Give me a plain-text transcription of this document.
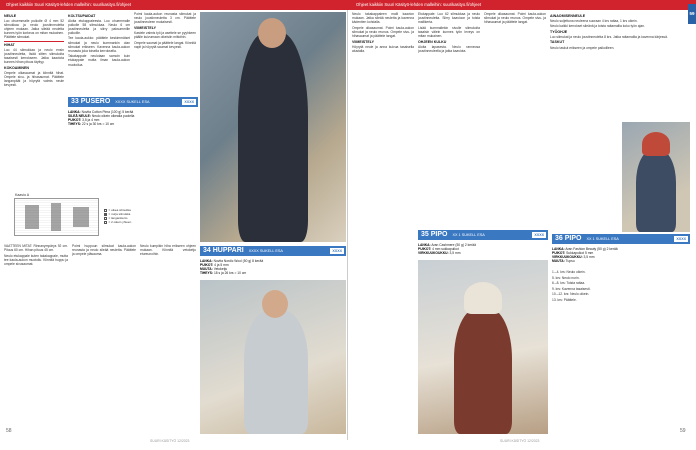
Ohjeet kaikkiin Suuri Käsityö-lehden malleihin: suurikasityo.fi/ohjeet	Ohjeet kaikkiin Suuri Käsityö-lehden malleihin: suurikasityo.fi/ohjeet
NEULE

Luo ohuemmalle puikolle Ø 4 mm 52 silmukkaa ja neulo joustinneuletta ohjeen mukaan. Jatka sileää neuletta kunnes työn korkeus on mitan mukainen. Päättele silmukat.

HIHAT

Luo 44 silmukkaa ja neulo ensin joustinneuletta, lisää sitten silmukoita tasaisesti kerrokseen. Jatka kaaviota kunnes hihan pituus täyttyy.

KOKOAMINEN

Ompele olkasaumat ja kiinnitä hihat. Ompele sivu- ja hihasaumat. Päättele langanpäät ja höyrytä valmis neule kevyesti.

KOLTSUPAIDAT

Aloita etukappaleesta. Luo ohuemmalle puikolle 58 silmukkaa. Neulo 6 cm joustinneuletta ja siirry paksummille puikoille.

Tee kaula-aukko: päättele keskimmäiset silmukat ja neulo kummankin olan silmukat erikseen. Kavenna kaula-aukon reunasta joka toisella kerroksella.

Takakappale neulotaan samoin kuin etukappale mutta ilman kaula-aukon muotoilua.

Poimi kaula-aukon reunasta silmukat ja neulo joustinneuletta 3 cm. Päättele joustinneuleen mukaisesti.

VIIMEISTELY

Kastele valmis työ ja asettele se pyyhkeen päälle kuivumaan oikeisiin mittoihin.

Ompele saumat ja päättele langat. Kiinnitä napit ja höyrytä saumat kevyesti.

33 PUSERO XXXX SUKELL ESA	XXXX
LANKA: Novita Cotton Pima (100 g) 5 kerää
SILEÄ NEULE: Neulo oikein oikealla puolella
PUIKOT: 3,5 ja 4 mm
TIHEYS: 22 s ja 30 krs = 10 cm
Kaavio A
= oikea silmukka
= nurja silmukka
= langankierto
= 2 oikein yhteen

VAATTEEN MITAT: Rinnanympärys 92 cm. Pituus 60 cm. Hihan pituus 45 cm.

Neulo etukappale kuten takakappale, mutta tee kaula-aukon muotoilu. Kiinnitä huppu ja ompele sivusaumat.

Poimi huppuun silmukat kaula-aukon reunasta ja neulo sileää neuletta. Päättele ja ompele yläsauma.

Neulo kumpikin hiha erikseen ohjeen mukaan. Kiinnitä vetoketju etureunoihin.

34 HUPPARI XXXX SUKELL ESA	XXXX
LANKA: Novita Nordic Wool (50 g) 8 kerää
PUIKOT: 4 ja 5 mm
MUUTA: Vetoketju
TIHEYS: 18 s ja 26 krs = 10 cm

Neulo takakappaleen malli kaavion mukaan. Jatka sileää neuletta ja kavenna kädentien kohdalla.

Ompele olkasaumat. Poimi kaula-aukon silmukat ja neulo reunus. Ompele sivu- ja hihasaumat ja päättele langat.

VIIMEISTELY

Höyrytä neule ja anna kuivua tasaisella alustalla.

Etukappale: Luo 62 silmukkaa ja neulo joustinneuletta. Siirry kaavioon ja toista mallikerta.

Lisää kummallekin sivulle silmukoita tasaisin välein kunnes työn leveys on mitan mukainen.

OHJEEN KULKU

Aloita lapasesta. Neulo ranneosa joustinneuleella ja jatka kaaviota.

Ompele olkasaumat. Poimi kaula-aukon silmukat ja neulo reunus. Ompele sivu- ja hihasaumat ja päättele langat.

AINAOMISENNEULE

Neulo suljettuna neuleena suoraan 4 krs raitaa, 1 krs oikein.

Neulo kaikki kerrokset sileänä ja toista raitamallia koko työn ajan.

TYÖOHJE

Luo silmukat ja neulo joustinneuletta 8 krs. Jatka raitamallia ja kavenna kärjessä.

TASKUT

Neulo taskut erikseen ja ompele paikoilleen.

35 PIPO XX 1 SUKELL ESA	XXXX
LANKA: Aran Cashmere (50 g) 2 kerää
PUIKOT: 4 mm sukkapuikot
VIRKKUUKOUKKU: 3,5 mm
36 PIPO XX 1 SUKELL ESA	XXXX
LANKA: Aran Fashion Beauty (50 g) 2 kerää
PUIKOT: Sukkapuikot 5 mm
VIRKKUUKOUKKU: 3,5 mm
MUUTA: Tupsu

1.–4. krs: Neulo oikein.

5. krs: Neulo nurin.

6.–8. krs: Toista raitaa.

9. krs: Kavenna tasaisesti.

10.–12. krs: Neulo oikein.

13. krs: Päättele.

59
58	59
SUURI KÄSITYÖ 12/2023	SUURI KÄSITYÖ 12/2023
